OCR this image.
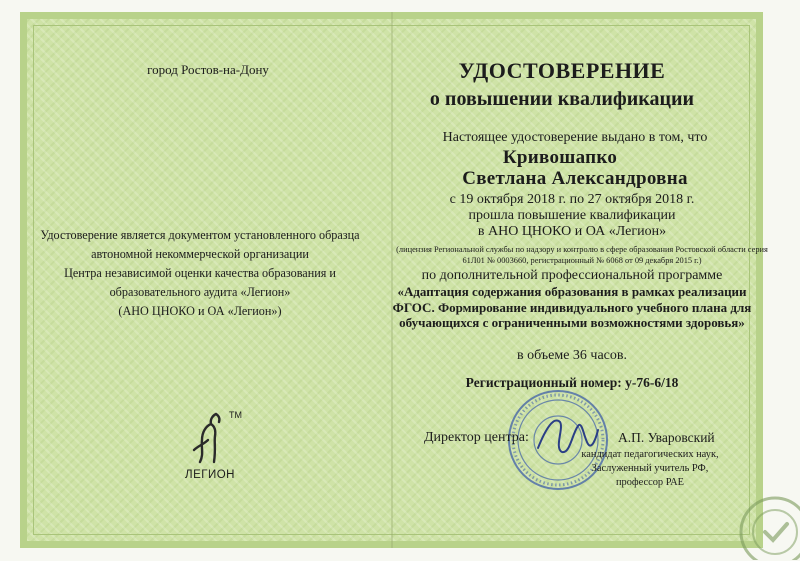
город Ростов-на-Дону
Удостоверение является документом установленного образца
автономной некоммерческой организации
Центра независимой оценки качества образования и
образовательного аудита «Легион»
(АНО ЦНОКО и ОА «Легион»)
TM
ЛЕГИОН
УДОСТОВЕРЕНИЕ
о повышении квалификации
Настоящее удостоверение выдано в том, что
Кривошапко
Светлана Александровна
с 19 октября 2018 г. по 27 октября 2018 г.
прошла повышение квалификации
в АНО ЦНОКО и ОА «Легион»
(лицензия Региональной службы по надзору и контролю в сфере образования Ростовской области серия 61Л01 № 0003660, регистрационный № 6068 от 09 декабря 2015 г.)
по дополнительной профессиональной программе
«Адаптация содержания образования в рамках реализации ФГОС. Формирование индивидуального учебного плана для обучающихся с ограниченными возможностями здоровья»
в объеме 36 часов.
Регистрационный номер: у-76-6/18
Директор центра:	А.П. Уваровский
кандидат педагогических наук,
Заслуженный учитель РФ,
профессор РАЕ
